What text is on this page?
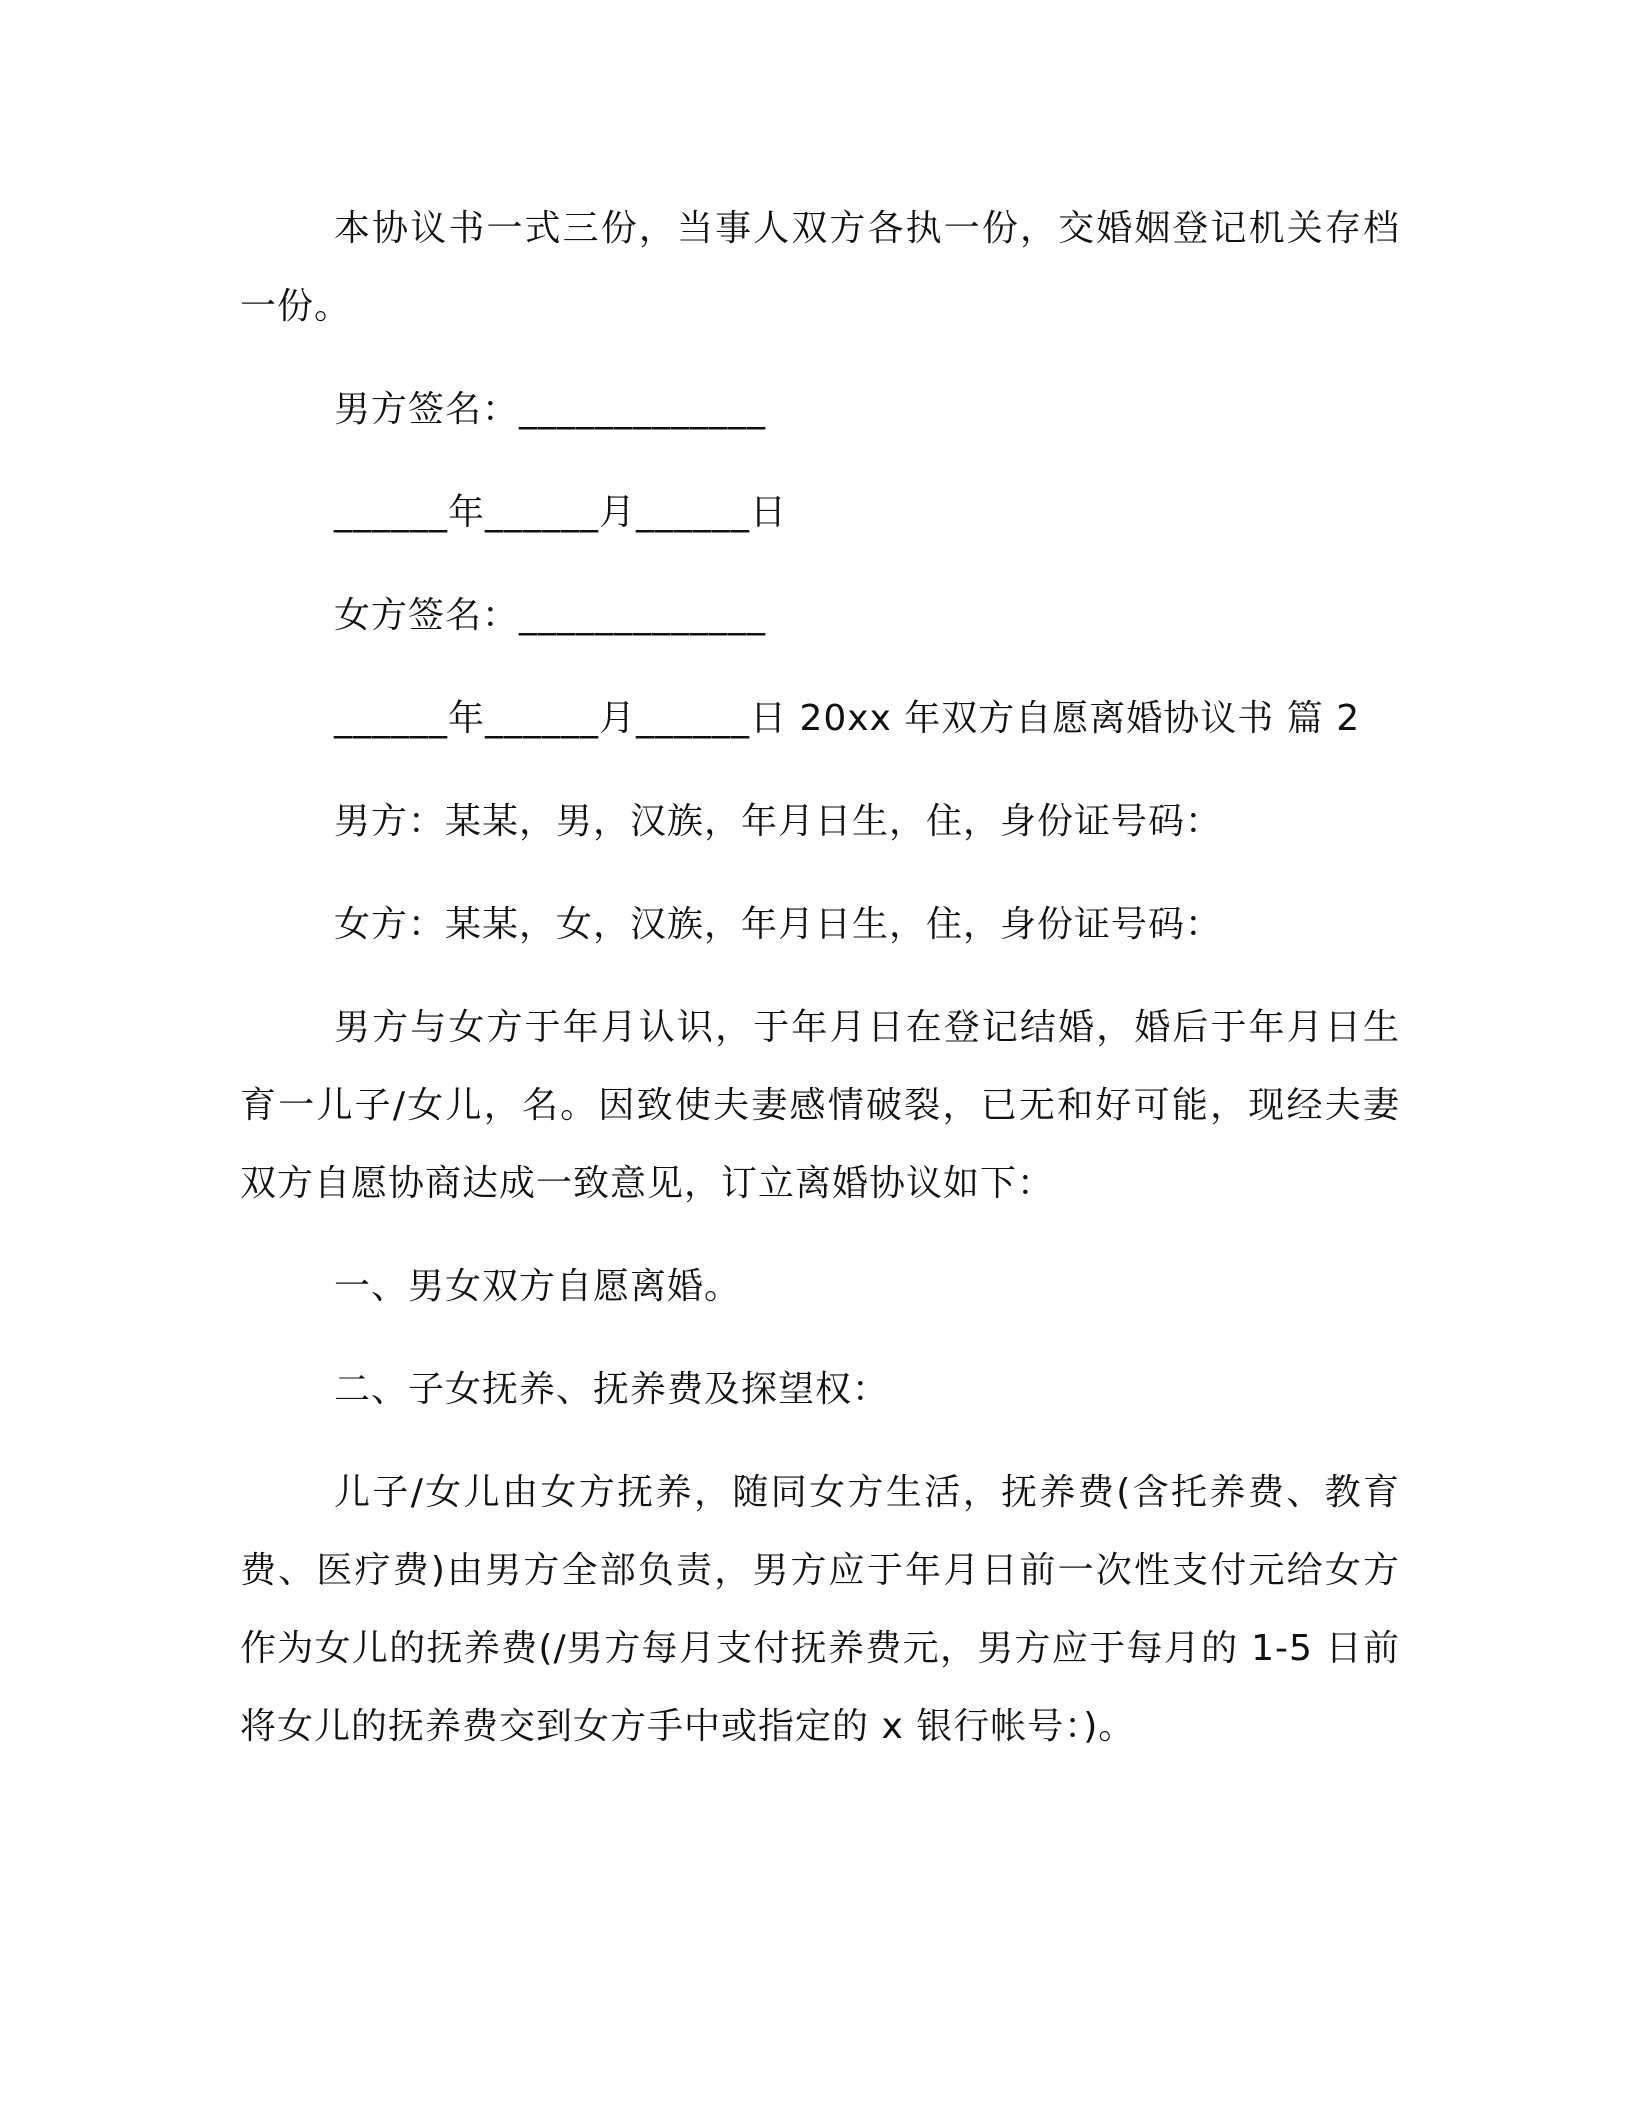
本协议书一式三份，当事人双方各执一份，交婚姻登记机关存档一份。

男方签名：_____________

______年______月______日

女方签名：_____________

______年______月______日 20xx 年双方自愿离婚协议书 篇 2

男方：某某，男，汉族，年月日生，住，身份证号码：

女方：某某，女，汉族，年月日生，住，身份证号码：

男方与女方于年月认识，于年月日在登记结婚，婚后于年月日生育一儿子/女儿，名。因致使夫妻感情破裂，已无和好可能，现经夫妻双方自愿协商达成一致意见，订立离婚协议如下：

一、男女双方自愿离婚。

二、子女抚养、抚养费及探望权：

儿子/女儿由女方抚养，随同女方生活，抚养费(含托养费、教育费、医疗费)由男方全部负责，男方应于年月日前一次性支付元给女方作为女儿的抚养费(/男方每月支付抚养费元，男方应于每月的 1-5 日前将女儿的抚养费交到女方手中或指定的 x 银行帐号：)。
